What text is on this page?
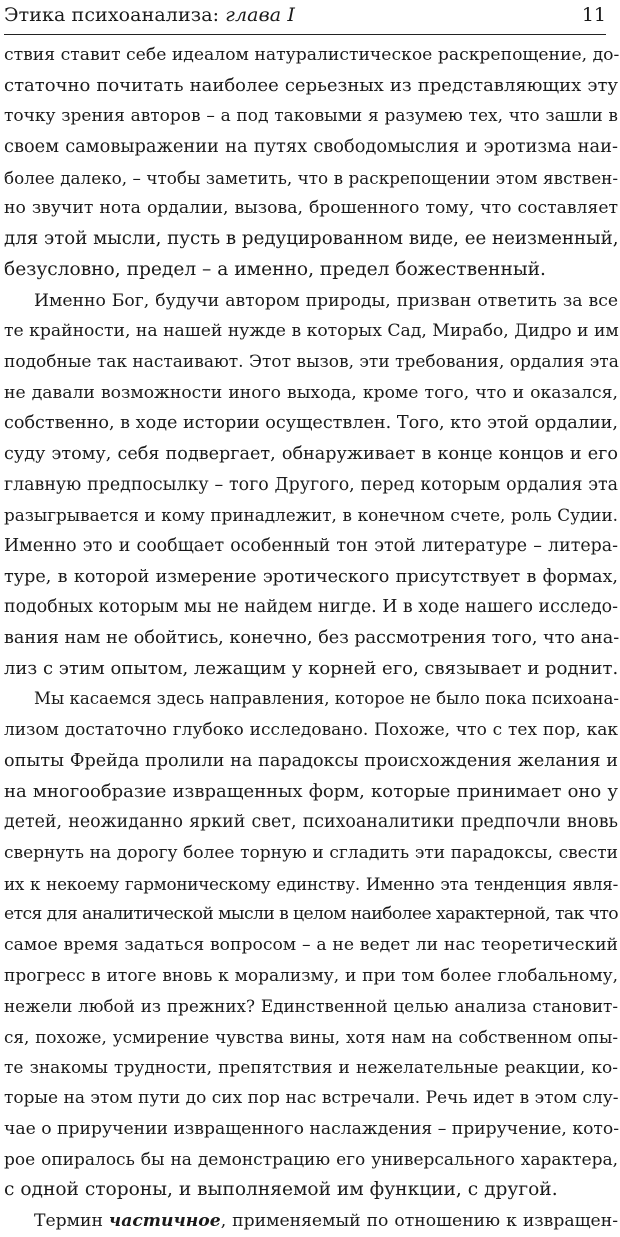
Этика психоанализа: глава I	11
ствия ставит себе идеалом натуралистическое раскрепощение, до-
статочно почитать наиболее серьезных из представляющих эту
точку зрения авторов – а под таковыми я разумею тех, что зашли в
своем самовыражении на путях свободомыслия и эротизма наи-
более далеко, – чтобы заметить, что в раскрепощении этом явствен-
но звучит нота ордалии, вызова, брошенного тому, что составляет
для этой мысли, пусть в редуцированном виде, ее неизменный,
безусловно, предел – а именно, предел божественный.
Именно Бог, будучи автором природы, призван ответить за все
те крайности, на нашей нужде в которых Сад, Мирабо, Дидро и им
подобные так настаивают. Этот вызов, эти требования, ордалия эта
не давали возможности иного выхода, кроме того, что и оказался,
собственно, в ходе истории осуществлен. Того, кто этой ордалии,
суду этому, себя подвергает, обнаруживает в конце концов и его
главную предпосылку – того Другого, перед которым ордалия эта
разыгрывается и кому принадлежит, в конечном счете, роль Судии.
Именно это и сообщает особенный тон этой литературе – литера-
туре, в которой измерение эротического присутствует в формах,
подобных которым мы не найдем нигде. И в ходе нашего исследо-
вания нам не обойтись, конечно, без рассмотрения того, что ана-
лиз с этим опытом, лежащим у корней его, связывает и роднит.
Мы касаемся здесь направления, которое не было пока психоана-
лизом достаточно глубоко исследовано. Похоже, что с тех пор, как
опыты Фрейда пролили на парадоксы происхождения желания и
на многообразие извращенных форм, которые принимает оно у
детей, неожиданно яркий свет, психоаналитики предпочли вновь
свернуть на дорогу более торную и сгладить эти парадоксы, свести
их к некоему гармоническому единству. Именно эта тенденция явля-
ется для аналитической мысли в целом наиболее характерной, так что
самое время задаться вопросом – а не ведет ли нас теоретический
прогресс в итоге вновь к морализму, и при том более глобальному,
нежели любой из прежних? Единственной целью анализа становит-
ся, похоже, усмирение чувства вины, хотя нам на собственном опы-
те знакомы трудности, препятствия и нежелательные реакции, ко-
торые на этом пути до сих пор нас встречали. Речь идет в этом слу-
чае о приручении извращенного наслаждения – приручение, кото-
рое опиралось бы на демонстрацию его универсального характера,
с одной стороны, и выполняемой им функции, с другой.
Термин частичное, применяемый по отношению к извращен-
